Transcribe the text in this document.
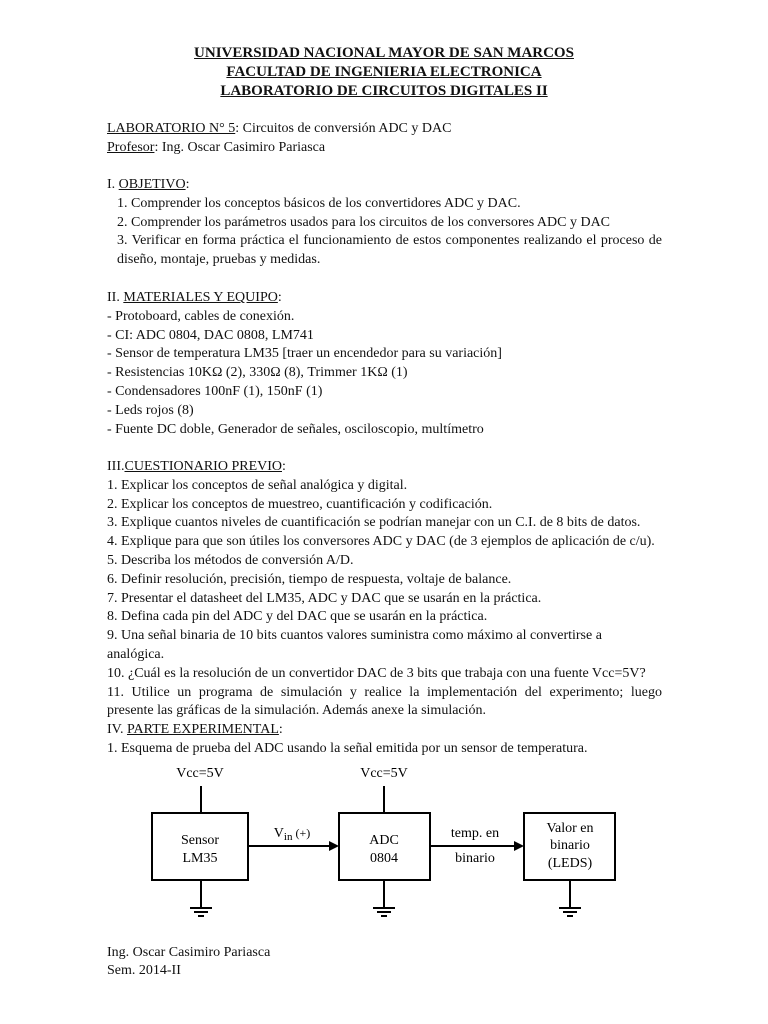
UNIVERSIDAD NACIONAL MAYOR DE SAN MARCOS
FACULTAD DE INGENIERIA ELECTRONICA
LABORATORIO DE CIRCUITOS DIGITALES II
LABORATORIO N° 5: Circuitos de conversión ADC y DAC
Profesor: Ing. Oscar Casimiro Pariasca
I. OBJETIVO:
1. Comprender los conceptos básicos de los convertidores ADC y DAC.
2. Comprender los parámetros usados para los circuitos de los conversores ADC y DAC
3. Verificar en forma práctica el funcionamiento de estos componentes realizando el proceso de diseño, montaje, pruebas y medidas.
II. MATERIALES Y EQUIPO:
- Protoboard, cables de conexión.
- CI: ADC 0804, DAC 0808, LM741
- Sensor de temperatura LM35 [traer un encendedor para su variación]
- Resistencias 10KΩ (2), 330Ω (8), Trimmer 1KΩ (1)
- Condensadores 100nF (1), 150nF (1)
- Leds rojos (8)
- Fuente DC doble, Generador de señales, osciloscopio, multímetro
III.CUESTIONARIO PREVIO:
1. Explicar los conceptos de señal analógica y digital.
2. Explicar los conceptos de muestreo, cuantificación y codificación.
3. Explique cuantos niveles de cuantificación se podrían manejar con un C.I. de 8 bits de datos.
4. Explique para que son útiles los conversores ADC y DAC (de 3 ejemplos de aplicación de c/u).
5. Describa los métodos de conversión A/D.
6. Definir resolución, precisión, tiempo de respuesta, voltaje de balance.
7. Presentar el datasheet del LM35, ADC y DAC que se usarán en la práctica.
8. Defina cada pin del ADC y del DAC que se usarán en la práctica.
9. Una señal binaria de 10 bits cuantos valores suministra como máximo al convertirse a analógica.
10. ¿Cuál es la resolución de un convertidor DAC de 3 bits que trabaja con una fuente Vcc=5V?
11. Utilice un programa de simulación y realice la implementación del experimento; luego presente las gráficas de la simulación. Además anexe la simulación.
IV. PARTE EXPERIMENTAL:
1. Esquema de prueba del ADC usando la señal emitida por un sensor de temperatura.
Vcc=5V	Vcc=5V
Sensor
LM35
$V_{in}$ (+)	ADC
0804
temp. en
binario
Valor en
binario
(LEDS)
Ing. Oscar Casimiro Pariasca
Sem. 2014-II
